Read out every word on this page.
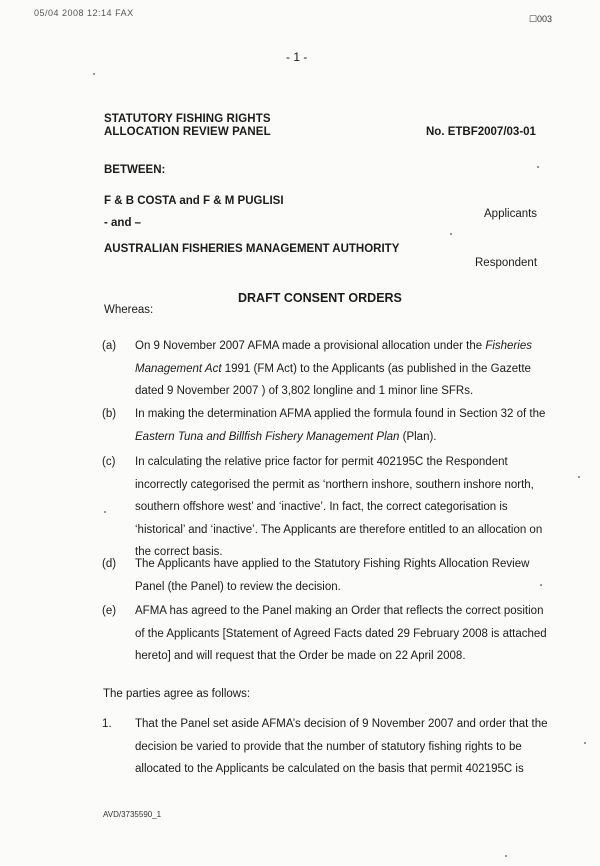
05/04 2008 12:14 FAX
☐003
- 1 -
STATUTORY FISHING RIGHTS
ALLOCATION REVIEW PANEL	No. ETBF2007/03-01
BETWEEN:
F & B COSTA and F & M PUGLISI
Applicants
- and –
AUSTRALIAN FISHERIES MANAGEMENT AUTHORITY
Respondent
DRAFT CONSENT ORDERS
Whereas:
(a) On 9 November 2007 AFMA made a provisional allocation under the Fisheries Management Act 1991 (FM Act) to the Applicants (as published in the Gazette dated 9 November 2007 ) of 3,802 longline and 1 minor line SFRs.
(b) In making the determination AFMA applied the formula found in Section 32 of the Eastern Tuna and Billfish Fishery Management Plan (Plan).
(c) In calculating the relative price factor for permit 402195C the Respondent incorrectly categorised the permit as ‘northern inshore, southern inshore north, southern offshore west’ and ‘inactive’. In fact, the correct categorisation is ‘historical’ and ‘inactive’. The Applicants are therefore entitled to an allocation on the correct basis.
(d) The Applicants have applied to the Statutory Fishing Rights Allocation Review Panel (the Panel) to review the decision.
(e) AFMA has agreed to the Panel making an Order that reflects the correct position of the Applicants [Statement of Agreed Facts dated 29 February 2008 is attached hereto] and will request that the Order be made on 22 April 2008.
The parties agree as follows:
1. That the Panel set aside AFMA’s decision of 9 November 2007 and order that the decision be varied to provide that the number of statutory fishing rights to be allocated to the Applicants be calculated on the basis that permit 402195C is
AVD/3735590_1
